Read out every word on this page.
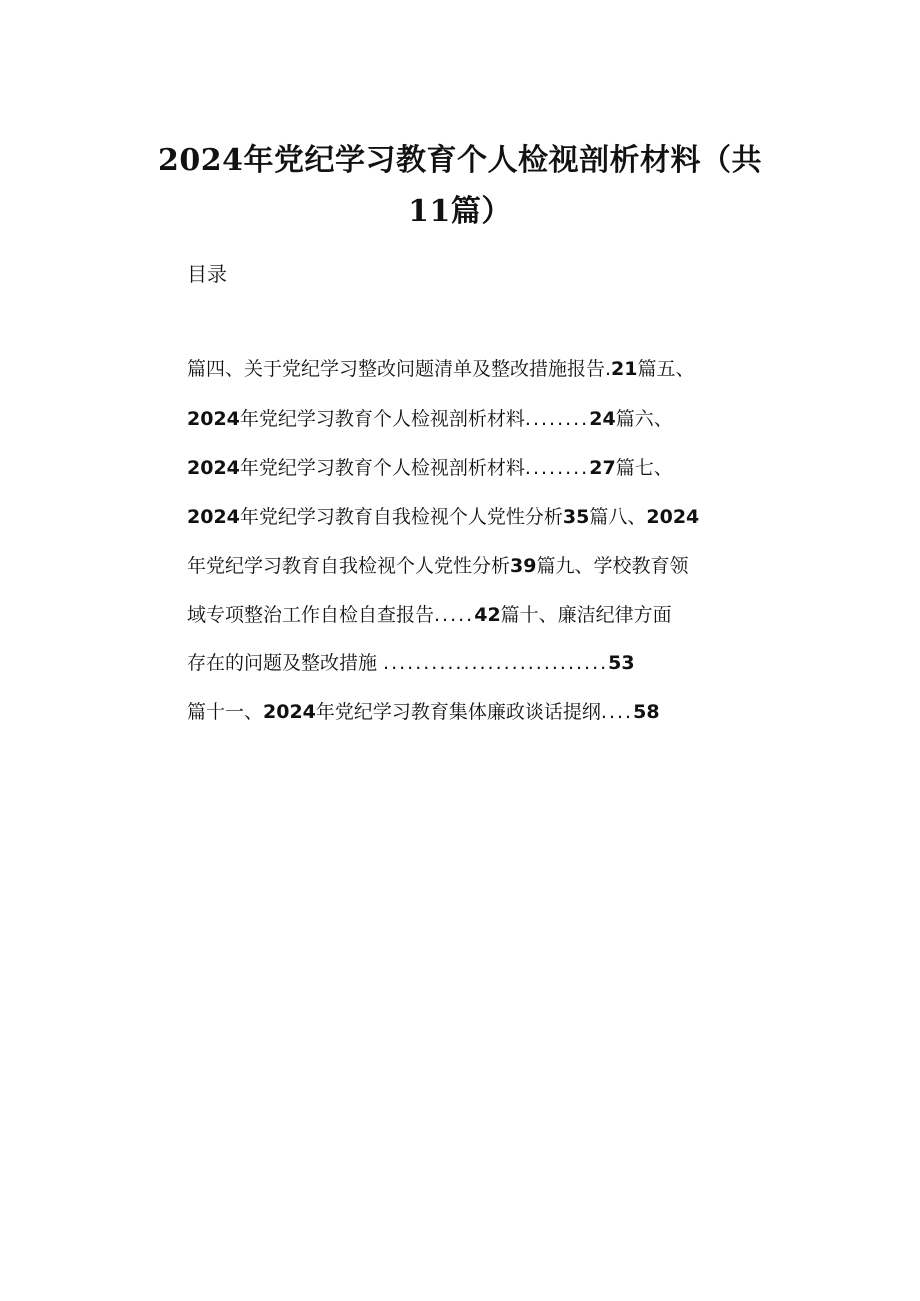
2024年党纪学习教育个人检视剖析材料（共
11篇）
目录
篇四、关于党纪学习整改问题清单及整改措施报告.21篇五、
2024年党纪学习教育个人检视剖析材料........24篇六、
2024年党纪学习教育个人检视剖析材料........27篇七、
2024年党纪学习教育自我检视个人党性分析35篇八、2024
年党纪学习教育自我检视个人党性分析39篇九、学校教育领
域专项整治工作自检自查报告.....42篇十、廉洁纪律方面
存在的问题及整改措施 ............................53
篇十一、2024年党纪学习教育集体廉政谈话提纲....58
